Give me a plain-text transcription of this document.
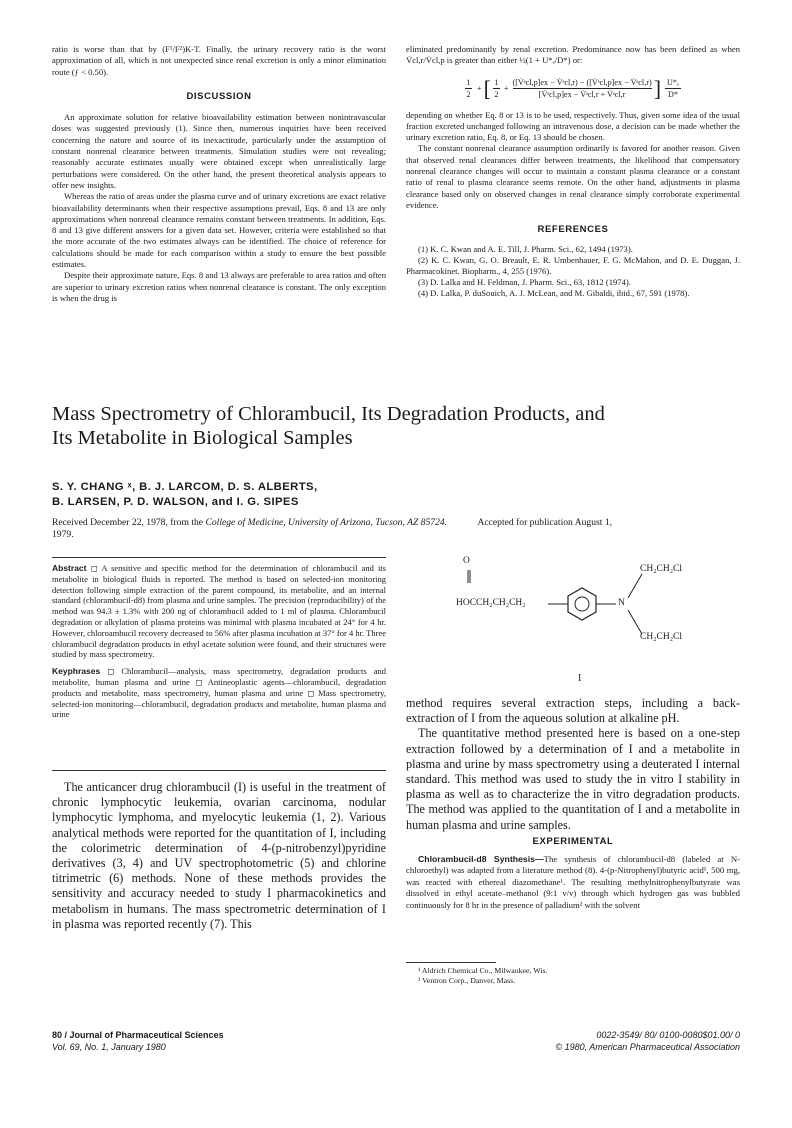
ratio is worse than that by (F¹/F²)K-T. Finally, the urinary recovery ratio is the worst approximation of all, which is not unexpected since renal excretion is only a minor elimination route (ƒ < 0.50).

DISCUSSION

An approximate solution for relative bioavailability estimation between nonintravascular doses was suggested previously (1). Since then, numerous inquiries have been received concerning the nature and source of its inexactitude, particularly under the assumption of constant nonrenal clearance between treatments. Simulation studies were not revealing; reasonably accurate estimates usually were obtained except when unrealistically large perturbations were considered. On the other hand, the present theoretical analysis appears to offer new insights.

Whereas the ratio of areas under the plasma curve and of urinary excretions are exact relative bioavailability determinants when their respective assumptions prevail, Eqs. 8 and 13 are only approximations when nonrenal clearance remains constant between treatments. In addition, Eqs. 8 and 13 give different answers for a given data set. However, criteria were established so that the more accurate of the two estimates always can be identified. The choice of reference for calculations should be made for each comparison within a study to ensure the best possible estimates.

Despite their approximate nature, Eqs. 8 and 13 always are preferable to area ratios and often are superior to urinary excretion ratios when nonrenal clearance is constant. The only exception is when the drug is

eliminated predominantly by renal excretion. Predominance now has been defined as when V̇cl,r/V̇cl,p is greater than either ½(1 + U*ₑ/D*) or:

1
2
+ [ 1
2
+
([V̇ˢcl,p]ex − V̇ˢcl,r) − ([V̇ˢcl,p]ex − V̇ˢcl,r)
[V̇ˢcl,p]ex − V̇ˢcl,r + V̇ˢcl,r ] U*ₑ
D*

depending on whether Eq. 8 or 13 is to be used, respectively. Thus, given some idea of the usual fraction excreted unchanged following an intravenous dose, a decision can be made whether the urinary excretion ratio, Eq. 8, or Eq. 13 should be chosen.

The constant nonrenal clearance assumption ordinarily is favored for another reason. Given that observed renal clearances differ between treatments, the likelihood that compensatory nonrenal clearance changes will occur to maintain a constant plasma clearance or a constant ratio of renal to plasma clearance seems remote. On the other hand, adjustments in plasma clearance based only on observed changes in renal clearance simply corroborate experimental evidence.

REFERENCES

(1) K. C. Kwan and A. E. Till, J. Pharm. Sci., 62, 1494 (1973).

(2) K. C. Kwan, G. O. Breault, E. R. Umbenhauer, F. G. McMahon, and D. E. Duggan, J. Pharmacokinet. Biopharm., 4, 255 (1976).

(3) D. Lalka and H. Feldman, J. Pharm. Sci., 63, 1812 (1974).

(4) D. Lalka, P. duSouich, A. J. McLean, and M. Gibaldi, ibid., 67, 591 (1978).

Mass Spectrometry of Chlorambucil, Its Degradation Products, and
Its Metabolite in Biological Samples
S. Y. CHANG ˣ, B. J. LARCOM, D. S. ALBERTS,
B. LARSEN, P. D. WALSON, and I. G. SIPES
Received December 22, 1978, from the College of Medicine, University of Arizona, Tucson, AZ 85724.	Accepted for publication August 1,
1979.

Abstract ◻ A sensitive and specific method for the determination of chlorambucil and its metabolite in biological fluids is reported. The method is based on selected-ion monitoring detection following simple extraction of the parent compound, its metabolite, and an internal standard (chlorambucil-d8) from plasma and urine samples. The precision (reproducibility) of the method was 94.3 ± 1.3% with 200 ng of chlorambucil added to 1 ml of plasma. Chlorambucil degradation or alkylation of plasma proteins was minimal with plasma incubated at 24° for 4 hr. However, chloroambucil recovery decreased to 56% after plasma incubation at 37° for 4 hr. Three chlorambucil degradation products in ethyl acetate solution were found, and their structures were studied by mass spectrometry.

Keyphrases ◻ Chlorambucil—analysis, mass spectrometry, degradation products and metabolite, human plasma and urine ◻ Antineoplastic agents—chlorambucil, degradation products and metabolite, mass spectrometry, human plasma and urine ◻ Mass spectrometry, selected-ion monitoring—chlorambucil, degradation products and metabolite, human plasma and urine

The anticancer drug chlorambucil (I) is useful in the treatment of chronic lymphocytic leukemia, ovarian carcinoma, nodular lymphocytic lymphoma, and myelocytic leukemia (1, 2). Various analytical methods were reported for the quantitation of I, including the colorimetric determination of 4-(p-nitrobenzyl)pyridine derivatives (3, 4) and UV spectrophotometric (5) and chlorine titrimetric (6) methods. None of these methods provides the sensitivity and accuracy needed to study I pharmacokinetics and metabolism in humans. The mass spectrometric determination of I in plasma was reported recently (7). This

O
HOCCH₂CH₂CH₂	N
CH₂CH₂Cl
CH₂CH₂Cl
I

method requires several extraction steps, including a back-extraction of I from the aqueous solution at alkaline pH.

The quantitative method presented here is based on a one-step extraction followed by a determination of I and a metabolite in plasma and urine by mass spectrometry using a deuterated I internal standard. This method was used to study the in vitro I stability in plasma as well as to characterize the in vitro degradation products. The method was applied to the quantitation of I and a metabolite in human plasma and urine samples.

EXPERIMENTAL

Chlorambucil-d8 Synthesis—The synthesis of chlorambucil-d8 (labeled at N-chloroethyl) was adapted from a literature method (8). 4-(p-Nitrophenyl)butyric acid¹, 500 mg, was reacted with ethereal diazomethane¹. The resulting methylnitrophenylbutyrate was dissolved in ethyl acetate–methanol (9:1 v/v) through which hydrogen gas was bubbled continuously for 8 hr in the presence of palladium² with the solvent

¹ Aldrich Chemical Co., Milwaukee, Wis.
² Ventron Corp., Danver, Mass.
80 / Journal of Pharmaceutical Sciences
Vol. 69, No. 1, January 1980
0022-3549/ 80/ 0100-0080$01.00/ 0
© 1980, American Pharmaceutical Association
